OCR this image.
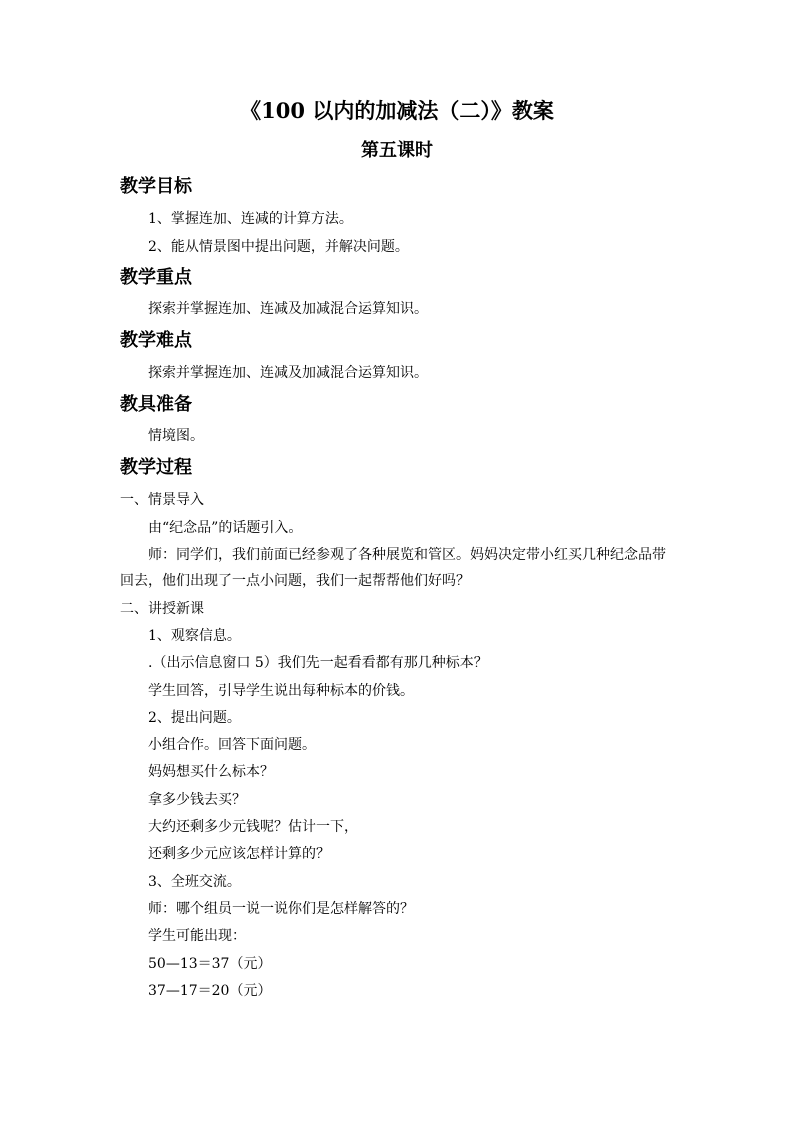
《100 以内的加减法（二）》教案
第五课时
教学目标
1、掌握连加、连减的计算方法。
2、能从情景图中提出问题，并解决问题。
教学重点
探索并掌握连加、连减及加减混合运算知识。
教学难点
探索并掌握连加、连减及加减混合运算知识。
教具准备
情境图。
教学过程
一、情景导入
由“纪念品”的话题引入。
师：同学们，我们前面已经参观了各种展览和管区。妈妈决定带小红买几种纪念品带
回去，他们出现了一点小问题，我们一起帮帮他们好吗？
二、讲授新课
1、观察信息。
.（出示信息窗口 5）我们先一起看看都有那几种标本？
学生回答，引导学生说出每种标本的价钱。
2、提出问题。
小组合作。回答下面问题。
妈妈想买什么标本？
拿多少钱去买？
大约还剩多少元钱呢？估计一下，
还剩多少元应该怎样计算的？
3、全班交流。
师：哪个组员一说一说你们是怎样解答的？
学生可能出现：
50—13＝37（元）
37—17＝20（元）
